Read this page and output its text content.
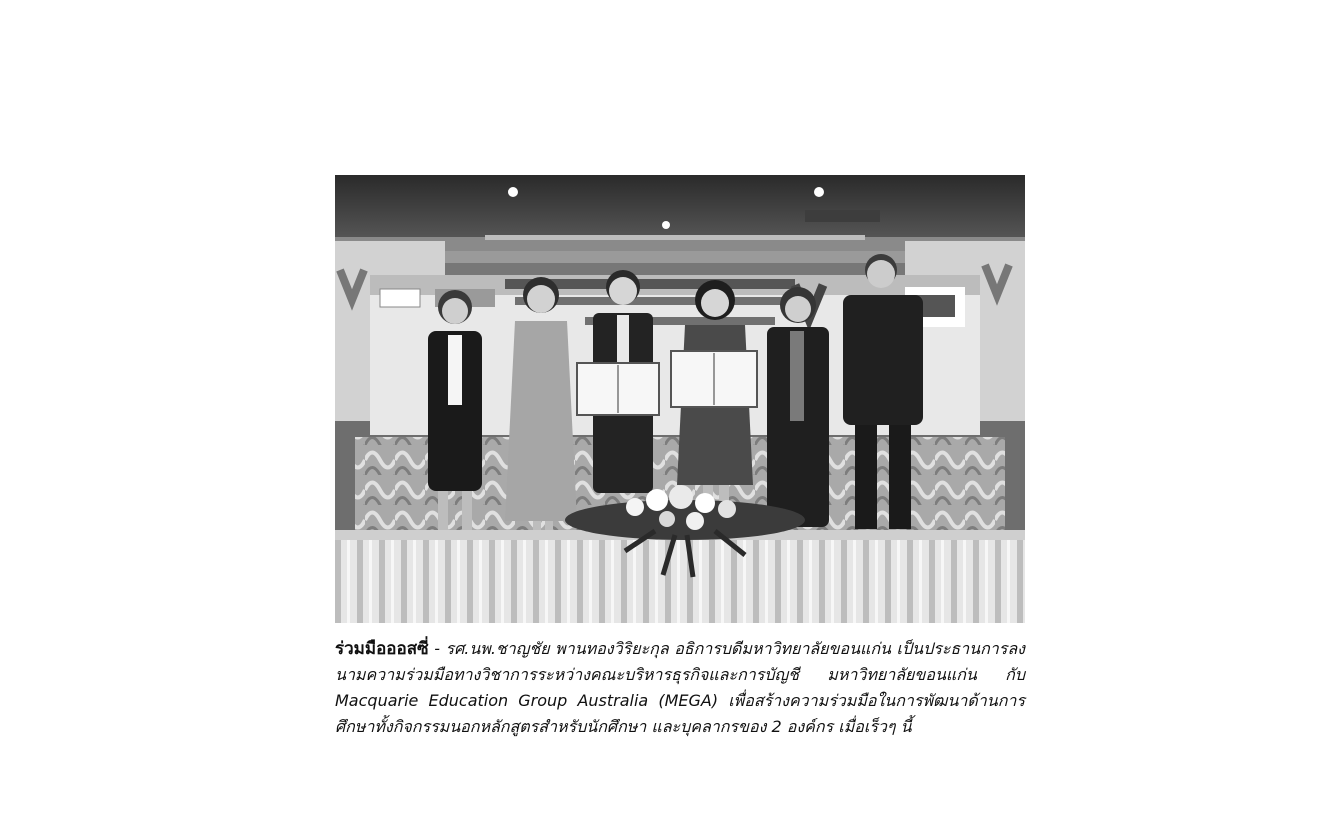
ร่วมมือออสซี่ - รศ.นพ.ชาญชัย พานทองวิริยะกุล อธิการบดีมหาวิทยาลัยขอนแก่น เป็นประธานการลงนามความร่วมมือทางวิชาการระหว่างคณะบริหารธุรกิจและการบัญชี มหาวิทยาลัยขอนแก่น กับ Macquarie Education Group Australia (MEGA) เพื่อสร้างความร่วมมือในการพัฒนาด้านการศึกษาทั้งกิจกรรมนอกหลักสูตรสำหรับนักศึกษา และบุคลากรของ 2 องค์กร เมื่อเร็วๆ นี้
